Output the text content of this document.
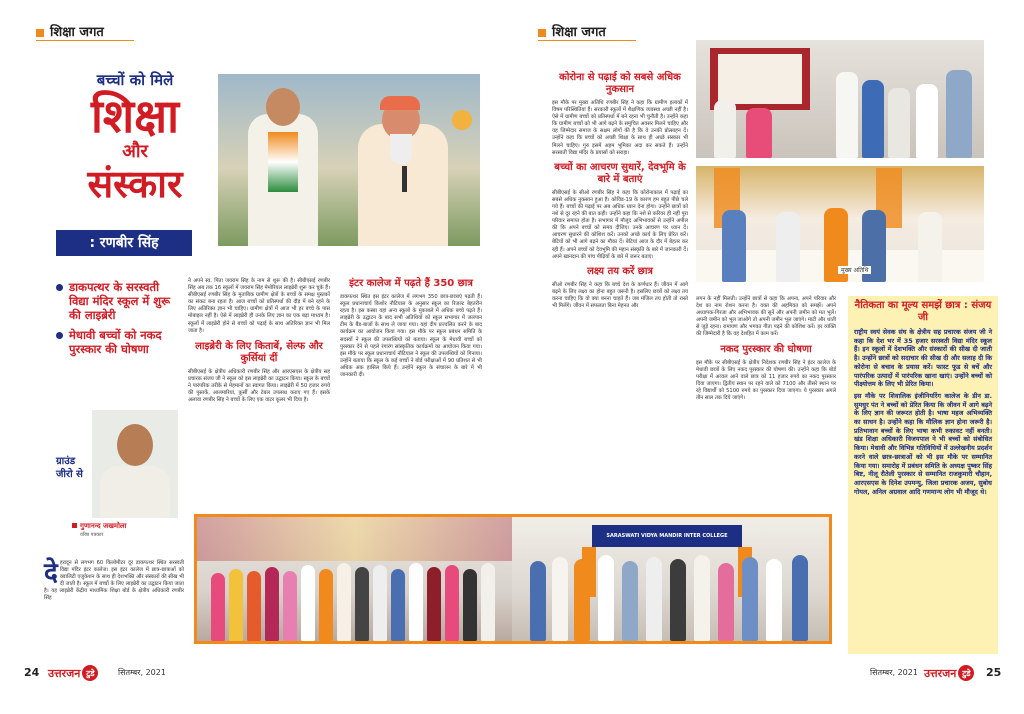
शिक्षा जगत
बच्चों को मिले
शिक्षा
और
संस्कार
: रणबीर सिंह
डाकपत्थर के सरस्वती विद्या मंदिर स्कूल में शुरू की लाइब्रेरी
मेधावी बच्चों को नकद पुरस्कार की घोषणा
ग्राउंड जीरो से
गुणानन्द जखमोला
वरिष्ठ पत्रकार
दे हरादून से लगभग 60 किलोमीटर दूर डाकपत्थर स्थित सरस्वती विद्या मंदिर इंटर कालेज। इस इंटर कालेज में छात्र-छात्राओं को क्वालिटी एजुकेशन के साथ ही देशभक्ति और संस्कारों की सीख भी दी जाती है। स्कूल में बच्चों के लिए लाइब्रेरी का उद्घाटन किया जाता है। यह लाइब्रेरी केंद्रीय माध्यमिक शिक्षा बोर्ड के क्षेत्रीय अधिकारी रणबीर सिंह
ने अपने स्व. पिता जयराम सिंह के नाम से शुरू की है। सीबीएसई रणबीर सिंह अब तक 16 स्कूलों में जयराम सिंह मेमोरियल लाइब्रेरी शुरू कर चुके हैं। सीबीएसई रणबीर सिंह के मुताबिक ग्रामीण क्षेत्रों के बच्चों के समक्ष पुस्तकों का संकट बना रहता है। आज बच्चों को प्रतिस्पर्धा की दौड़ में बने रहने के लिए अतिरिक्त ज्ञान भी चाहिए। ग्रामीण क्षेत्रों में आज भी हर बच्चे के पास मोबाइल नहीं है। ऐसे में लाइब्रेरी ही उनके लिए ज्ञान का एक बड़ा माध्यम है। स्कूलों में लाइब्रेरी होने से बच्चों को पढ़ाई के साथ अतिरिक्त ज्ञान भी मिल जाता है।
लाइब्रेरी के लिए किताबें, सेल्फ और कुर्सियां दीं
सीबीएसई के क्षेत्रीय अधिकारी रणबीर सिंह और आरएसएस के क्षेत्रीय सह प्रचारक संजय जी ने स्कूल को इस लाइब्रेरी का उद्घाटन किया। स्कूल के बच्चों ने पारंपरिक तरीके से मेहमानों का स्वागत किया। लाइब्रेरी में 50 हजार रुपये की पुस्तकें, आलमारियां, कुर्सी और टेबल उपलब्ध कराए गए हैं। इसके अलावा रणबीर सिंह ने बच्चों के लिए एक वाटर कूलर भी दिया है।
इंटर कालेज में पढ़ते हैं 350 छात्र
डाकपत्थर स्थित इस इंटर कालेज में लगभग 350 छात्र-छात्राएं पढ़ती हैं। स्कूल प्रधानाचार्य किशोर नौटियाल के अनुसार स्कूल का रिजल्ट बेहतरीन रहता है। इस कस्बा यहां अन्य स्कूलों के मुकाबले में अधिक बच्चे पढ़ते हैं। लाइब्रेरी के उद्घाटन के बाद सभी अतिथियों को स्कूल सभागार में जलपान टीम के बैंड-बाजों के साथ ले जाया गया। यहां दीप प्रज्वलित करने के बाद कार्यक्रम का आयोजन किया गया। इस मौके पर स्कूल प्रबंधन समिति के सदस्यों ने स्कूल की उपलब्धियों को बताया। स्कूल के मेधावी बच्चों को पुरस्कार देने से पहले रंगारंग सांस्कृतिक कार्यक्रमों का आयोजन किया गया। इस मौके पर स्कूल प्रधानाचार्य नौटियाल ने स्कूल की उपलब्धियों को गिनाया। उन्होंने बताया कि स्कूल के कई बच्चों ने बोर्ड परीक्षाओं में 90 प्रतिशत से भी अधिक अंक हासिल किये हैं। उन्होंने स्कूल के संचालन के बारे में भी जानकारी दी।
24 उत्तरजन टुडे	सितम्बर, 2021
शिक्षा जगत
कोरोना से पढ़ाई को सबसे अधिक नुकसान
इस मौके पर मुख्य अतिथि रणबीर सिंह ने कहा कि ग्रामीण इलाकों में विषम परिस्थितियां हैं। सरकारी स्कूलों में शैक्षणिक व्यवस्था अच्छी नहीं है। ऐसे में ग्रामीण बच्चों को प्रतिस्पर्धा में बने रहना भी चुनौती है। उन्होंने कहा कि ग्रामीण बच्चों को भी आगे बढ़ने के समुचित अवसर मिलने चाहिए और यह जिम्मेदार समाज के सक्षम लोगों की है कि वे उनकी प्रोत्साहन दें। उन्होंने कहा कि बच्चों को अच्छी शिक्षा के साथ ही अच्छे संस्कार भी मिलने चाहिए। गुरु इसमें अहम भूमिका अदा कर सकते हैं। उन्होंने सरस्वती विद्या मंदिर के प्रयासों को सराहा।
बच्चों का आचरण सुधारें, देवभूमि के बारे में बताएं
सीबीएसई के सीओ रणबीर सिंह ने कहा कि कोरोनाकाल में पढ़ाई का सबसे अधिक नुकसान हुआ है। कोविड-19 के कारण हम बहुत पीछे चले गये हैं। बच्चों की पढ़ाई पर अब अधिक ध्यान देना होगा। उन्होंने छात्रों को नशे से दूर रहने की बात कही। उन्होंने कहा कि नशे से करियर ही नहीं पूरा परिवार समाप्त होता है। सभागार में मौजूद अभिभावकों से उन्होंने अपील की कि अपने बच्चों को समय दीजिए। उनके आचरण पर ध्यान दें। आचरण सुधारने की कोशिश करें। उनको अच्छे कार्य के लिए प्रेरित करें। बेटियों को भी आगे बढ़ने का मौका दें। बेटियां आज के दौर में बेहतर कर रही हैं। अपने बच्चों को देवभूमि की महान संस्कृति के बारे में जानकारी दें। अपने खानदान की पांच पीढ़ियों के बारे में जरूर बताएं।
लक्ष्य तय करें छात्र
सीओ रणबीर सिंह ने कहा कि बच्चे देश के कर्णधार हैं। जीवन में आगे बढ़ने के लिए लक्ष्य का होना बहुत जरूरी है। इसलिए छात्रों को लक्ष्य तय करना चाहिए कि वो क्या बनना चाहते हैं। जब मंजिल तय होती तो रास्ते भी मिलेंगे। जीवन में सफलता बिना मेहनत और
लगन के नहीं मिलती। उन्होंने छात्रों से कहा कि अपना, अपने परिवार और देश का नाम रोशन करना है। वक्त की अहमियत को समझें। अपने अध्यापक-गिरजा और अभिभावक की सुनें और अपनी जमीन को मत भूलें। अपनी जमीन को भूल जाओगे तो अपनी जमीन भूल जाएंगे। माटी और थाती से जुड़े रहना। रामायण और भगवत गीता पढ़ने की कोशिश करें। हर व्यक्ति की जिम्मेदारी है कि वह देशहित में काम करें।
नकद पुरस्कार की घोषणा
इस मौके पर सीबीएसई के क्षेत्रीय निदेशक रणबीर सिंह ने इंटर कालेज के मेधावी छात्रों के लिए नकद पुरस्कार की घोषणा की। उन्होंने कहा कि बोर्ड परीक्षा में अव्वल आने वाले छात्र को 11 हजार रुपये का नकद पुरस्कार दिया जाएगा। द्वितीय स्थान पर रहने वाले को 7100 और तीसरे स्थान पर रहे विद्यार्थी को 5100 रुपये का पुरस्कार दिया जाएगा। ये पुरस्कार अगले तीन साल तक दिये जाएंगे।
मुख्य अतिथि
नैतिकता का मूल्य समझें छात्र : संजय जी
राष्ट्रीय स्वयं सेवक संघ के क्षेत्रीय सह प्रचारक संजय जी ने कहा कि देश भर में 35 हजार सरस्वती विद्या मंदिर स्कूल हैं। इन स्कूलों में देशभक्ति और संस्कारों की सीख दी जाती है। उन्होंने छात्रों को सदाचार की सीख दी और सलाह दी कि कोरोना से बचाव के प्रयास करें। फास्ट फूड से बचें और पारंपरिक उत्पादों में पारंपरिक खाना खाएं। उन्होंने बच्चों को पीक्ष्योत्तम के लिए भी प्रेरित किया।
इस मौके पर शिवालिक इंजीनियरिंग कालेज के डीन डा. सुमधुर पंत ने बच्चों को प्रेरित किया कि जीवन में आगे बढ़ने के लिए ज्ञान की जरूरत होती है। भाषा महज अभिव्यक्ति का साधन है। उन्होंने कहा कि मौलिक ज्ञान होना जरूरी है। प्रतिभावान बच्चों के लिए भाषा कभी रुकावट नहीं बनती। खंड शिक्षा अधिकारी विजयपाल ने भी बच्चों को संबोधित किया। मेधावी और विभिन्न गतिविधियों में उल्लेखनीय प्रदर्शन करने वाले छात्र-छात्राओं को भी इस मौके पर सम्मानित किया गया। समारोह में प्रबंधन समिति के अध्यक्ष पुष्कर सिंह बिष्ट, नीलू रौतेली पुरस्कार से सम्मानित राजकुमारी चौहान, आरएसएस के दिनेश उपमन्यु, जिला प्रचारक अजय, सुबोध गोयल, अनिल अग्रवाल आदि गणमान्य लोग भी मौजूद थे।
SARASWATI VIDYA MANDIR INTER COLLEGE
सितम्बर, 2021 उत्तरजन टुडे	25
